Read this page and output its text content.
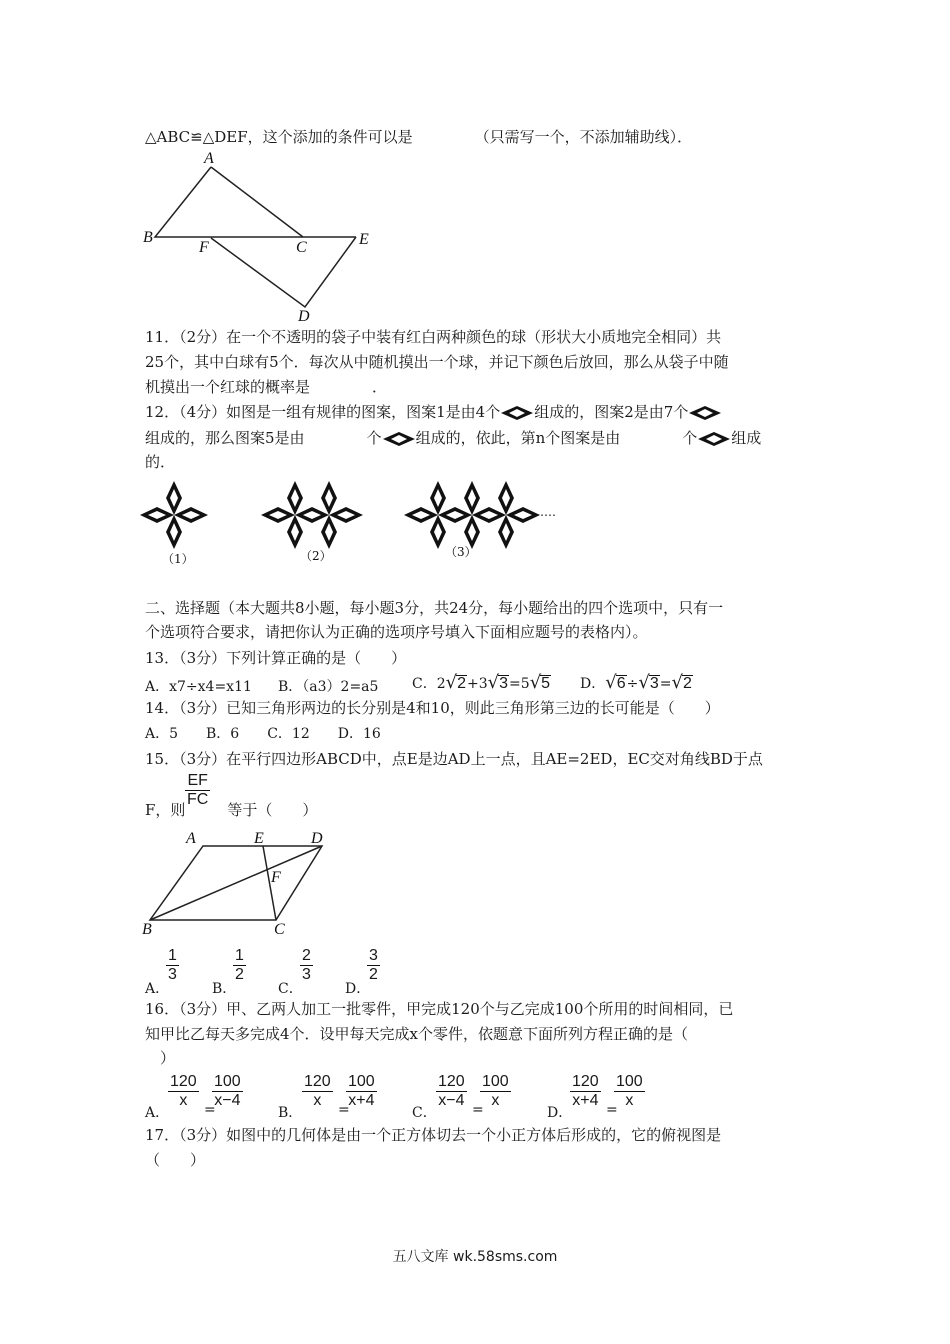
△ABC≌△DEF，这个添加的条件可以是	（只需写一个，不添加辅助线）．
A
B
F	C	E
D
11．（2分）在一个不透明的袋子中装有红白两种颜色的球（形状大小质地完全相同）共
25个，其中白球有5个．每次从中随机摸出一个球，并记下颜色后放回，那么从袋子中随
机摸出一个红球的概率是	．
12．（4分）如图是一组有规律的图案，图案1是由4个 组成的，图案2是由7个
组成的，那么图案5是由	个 组成的，依此，第n个图案是由	个 组成
的．
……
（1）	（2）	（3）
二、选择题（本大题共8小题，每小题3分，共24分，每小题给出的四个选项中，只有一
个选项符合要求，请把你认为正确的选项序号填入下面相应题号的表格内）。
13．（3分）下列计算正确的是（　　）
A．x7÷x4=x11 B．（a3）2=a5 C．2√2+3√3=5√5 D．√6÷√3=√2
14．（3分）已知三角形两边的长分别是4和10，则此三角形第三边的长可能是（　　）
A．5　　B．6　　C．12　　D．16
15．（3分）在平行四边形ABCD中，点E是边AD上一点，且AE=2ED，EC交对角线BD于点
$\frac{EF}{FC}$
F，则	等于（　　）
A	E	D
F
B	C
A．
$\frac{1}{3}$
B．
$\frac{1}{2}$
C．
$\frac{2}{3}$
D．
$\frac{3}{2}$
16．（3分）甲、乙两人加工一批零件，甲完成120个与乙完成100个所用的时间相同，已
知甲比乙每天多完成4个．设甲每天完成x个零件，依题意下面所列方程正确的是（
）
A．
$\frac{120}{x}$ =
$\frac{100}{x-4}$
B．
$\frac{120}{x}$ =
$\frac{100}{x+4}$
C．
$\frac{120}{x-4}$ =
$\frac{100}{x}$
D．
$\frac{120}{x+4}$ =
$\frac{100}{x}$
17．（3分）如图中的几何体是由一个正方体切去一个小正方体后形成的，它的俯视图是
（　　）
五八文库 wk.58sms.com
